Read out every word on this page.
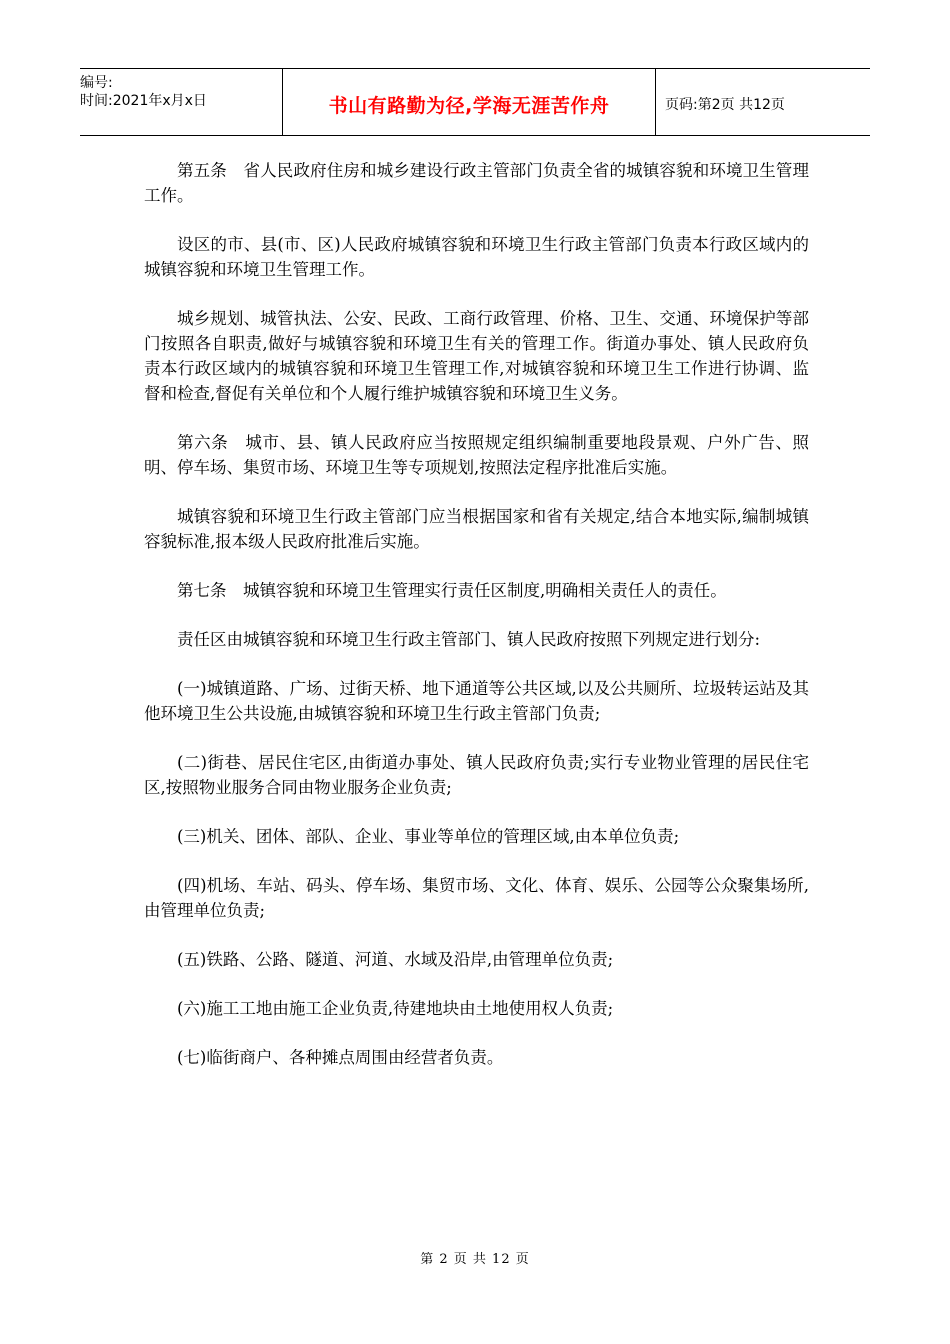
编号:
时间:2021年x月x日	书山有路勤为径,学海无涯苦作舟	页码:第2页 共12页

第五条　省人民政府住房和城乡建设行政主管部门负责全省的城镇容貌和环境卫生管理工作。

设区的市、县(市、区)人民政府城镇容貌和环境卫生行政主管部门负责本行政区域内的城镇容貌和环境卫生管理工作。

城乡规划、城管执法、公安、民政、工商行政管理、价格、卫生、交通、环境保护等部门按照各自职责,做好与城镇容貌和环境卫生有关的管理工作。街道办事处、镇人民政府负责本行政区域内的城镇容貌和环境卫生管理工作,对城镇容貌和环境卫生工作进行协调、监督和检查,督促有关单位和个人履行维护城镇容貌和环境卫生义务。

第六条　城市、县、镇人民政府应当按照规定组织编制重要地段景观、户外广告、照明、停车场、集贸市场、环境卫生等专项规划,按照法定程序批准后实施。

城镇容貌和环境卫生行政主管部门应当根据国家和省有关规定,结合本地实际,编制城镇容貌标准,报本级人民政府批准后实施。

第七条　城镇容貌和环境卫生管理实行责任区制度,明确相关责任人的责任。

责任区由城镇容貌和环境卫生行政主管部门、镇人民政府按照下列规定进行划分:

(一)城镇道路、广场、过街天桥、地下通道等公共区域,以及公共厕所、垃圾转运站及其他环境卫生公共设施,由城镇容貌和环境卫生行政主管部门负责;

(二)街巷、居民住宅区,由街道办事处、镇人民政府负责;实行专业物业管理的居民住宅区,按照物业服务合同由物业服务企业负责;

(三)机关、团体、部队、企业、事业等单位的管理区域,由本单位负责;

(四)机场、车站、码头、停车场、集贸市场、文化、体育、娱乐、公园等公众聚集场所,由管理单位负责;

(五)铁路、公路、隧道、河道、水域及沿岸,由管理单位负责;

(六)施工工地由施工企业负责,待建地块由土地使用权人负责;

(七)临街商户、各种摊点周围由经营者负责。

第 2 页 共 12 页
